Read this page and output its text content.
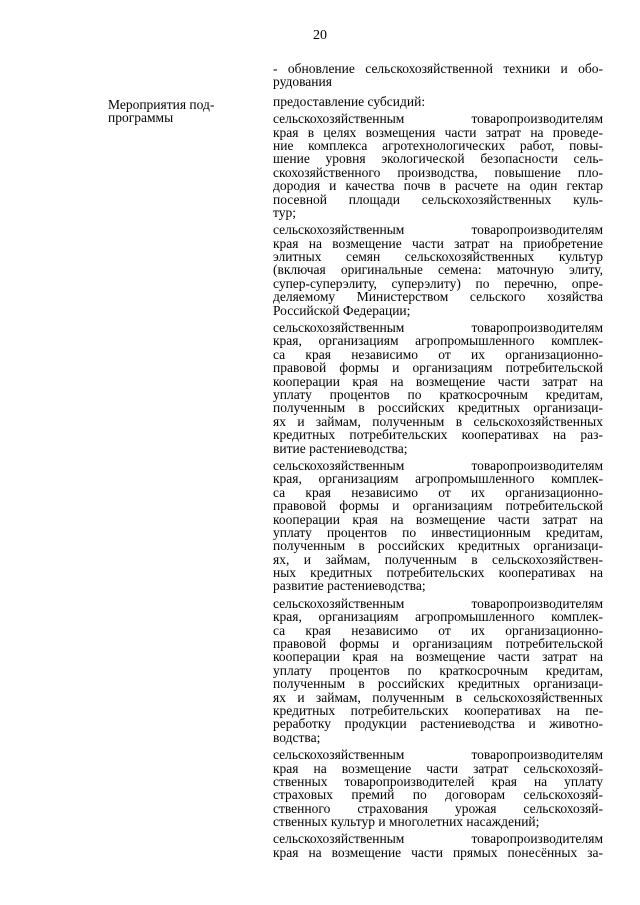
20
Мероприятия под-
программы
- обновление сельскохозяйственной техники и обо-
рудования
предоставление субсидий:
сельскохозяйственным товаропроизводителям
края в целях возмещения части затрат на проведе-
ние комплекса агротехнологических работ, повы-
шение уровня экологической безопасности сель-
скохозяйственного производства, повышение пло-
дородия и качества почв в расчете на один гектар
посевной площади сельскохозяйственных куль-
тур;
сельскохозяйственным товаропроизводителям
края на возмещение части затрат на приобретение
элитных семян сельскохозяйственных культур
(включая оригинальные семена: маточную элиту,
супер-суперэлиту, суперэлиту) по перечню, опре-
деляемому Министерством сельского хозяйства
Российской Федерации;
сельскохозяйственным товаропроизводителям
края, организациям агропромышленного комплек-
са края независимо от их организационно-
правовой формы и организациям потребительской
кооперации края на возмещение части затрат на
уплату процентов по краткосрочным кредитам,
полученным в российских кредитных организаци-
ях и займам, полученным в сельскохозяйственных
кредитных потребительских кооперативах на раз-
витие растениеводства;
сельскохозяйственным товаропроизводителям
края, организациям агропромышленного комплек-
са края независимо от их организационно-
правовой формы и организациям потребительской
кооперации края на возмещение части затрат на
уплату процентов по инвестиционным кредитам,
полученным в российских кредитных организаци-
ях, и займам, полученным в сельскохозяйствен-
ных кредитных потребительских кооперативах на
развитие растениеводства;
сельскохозяйственным товаропроизводителям
края, организациям агропромышленного комплек-
са края независимо от их организационно-
правовой формы и организациям потребительской
кооперации края на возмещение части затрат на
уплату процентов по краткосрочным кредитам,
полученным в российских кредитных организаци-
ях и займам, полученным в сельскохозяйственных
кредитных потребительских кооперативах на пе-
реработку продукции растениеводства и животно-
водства;
сельскохозяйственным товаропроизводителям
края на возмещение части затрат сельскохозяй-
ственных товаропроизводителей края на уплату
страховых премий по договорам сельскохозяй-
ственного страхования урожая сельскохозяй-
ственных культур и многолетних насаждений;
сельскохозяйственным товаропроизводителям
края на возмещение части прямых понесённых за-
